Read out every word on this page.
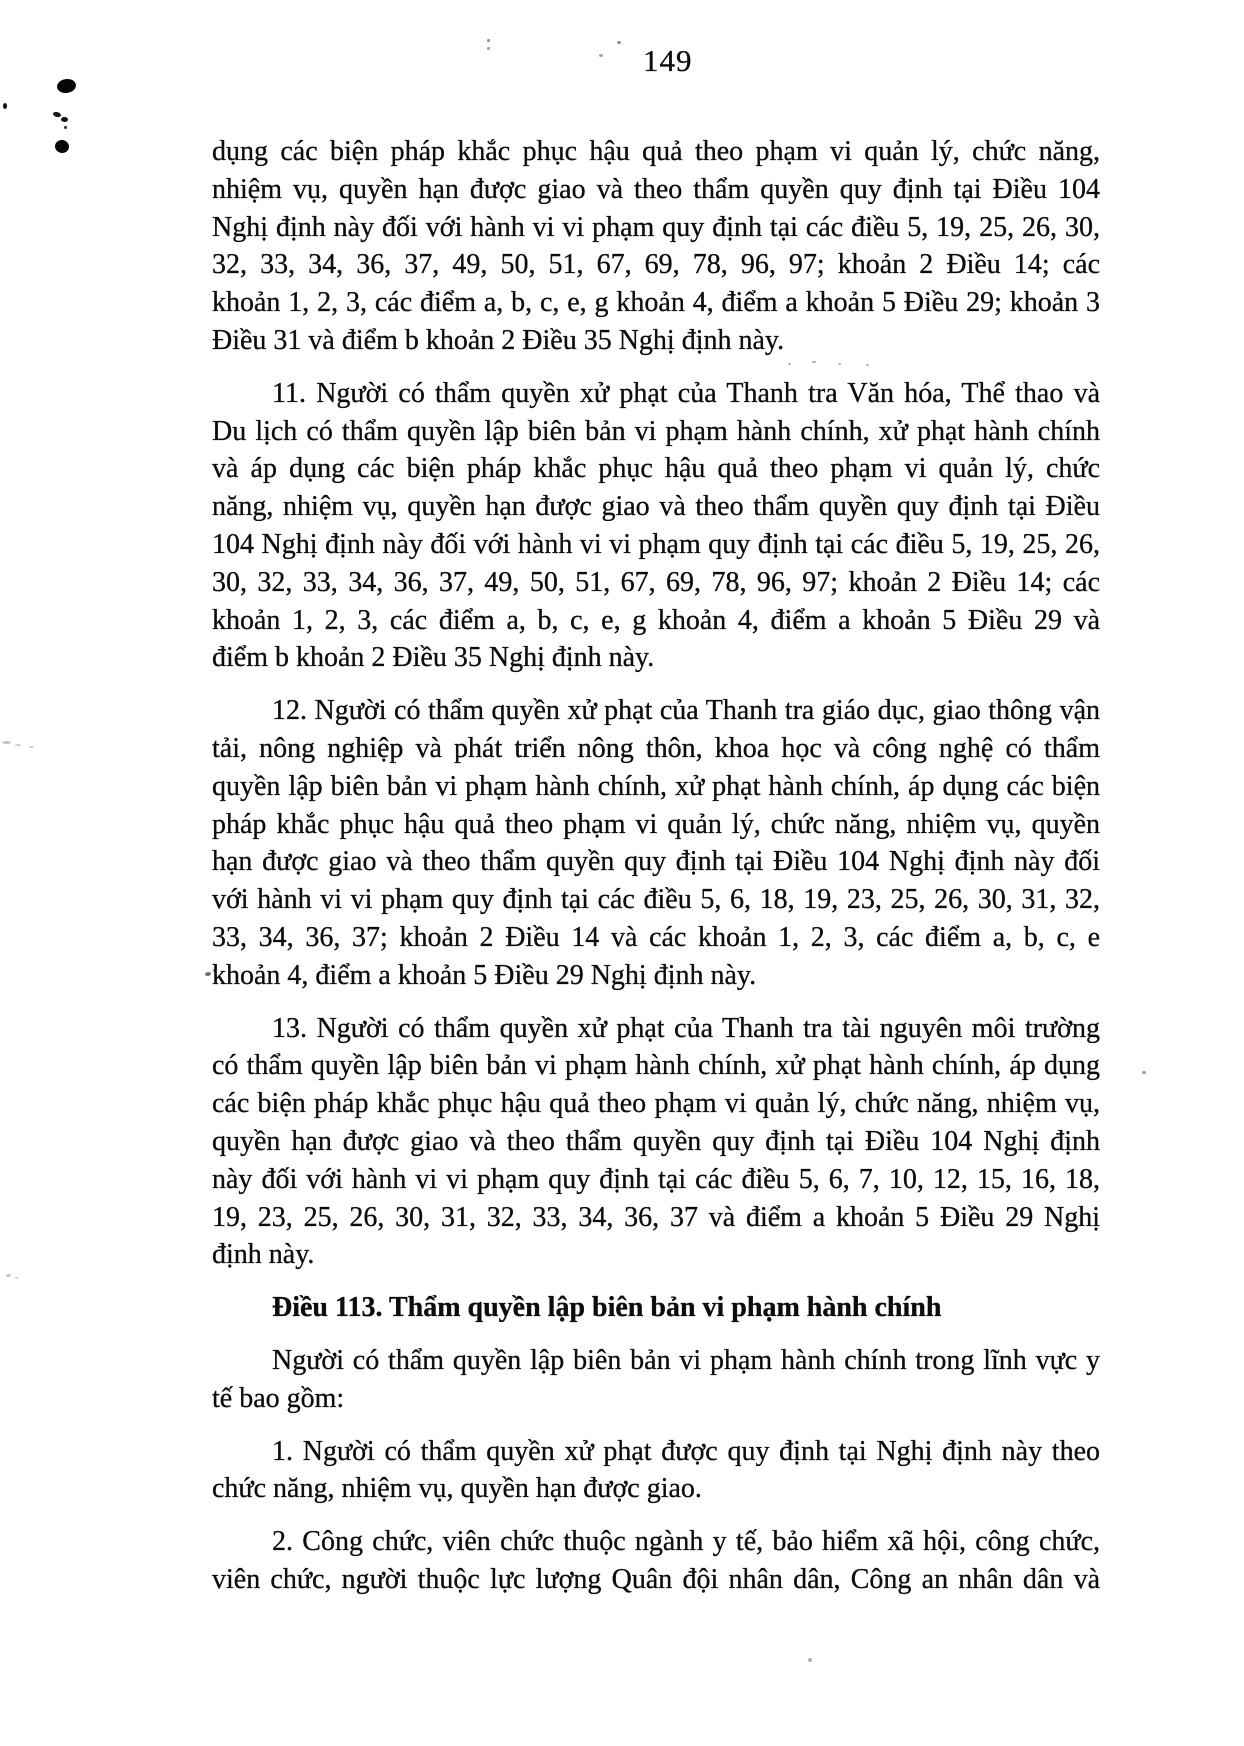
149
dụng các biện pháp khắc phục hậu quả theo phạm vi quản lý, chức năng,
nhiệm vụ, quyền hạn được giao và theo thẩm quyền quy định tại Điều 104
Nghị định này đối với hành vi vi phạm quy định tại các điều 5, 19, 25, 26, 30,
32, 33, 34, 36, 37, 49, 50, 51, 67, 69, 78, 96, 97; khoản 2 Điều 14; các
khoản 1, 2, 3, các điểm a, b, c, e, g khoản 4, điểm a khoản 5 Điều 29; khoản 3
Điều 31 và điểm b khoản 2 Điều 35 Nghị định này.
11. Người có thẩm quyền xử phạt của Thanh tra Văn hóa, Thể thao và
Du lịch có thẩm quyền lập biên bản vi phạm hành chính, xử phạt hành chính
và áp dụng các biện pháp khắc phục hậu quả theo phạm vi quản lý, chức
năng, nhiệm vụ, quyền hạn được giao và theo thẩm quyền quy định tại Điều
104 Nghị định này đối với hành vi vi phạm quy định tại các điều 5, 19, 25, 26,
30, 32, 33, 34, 36, 37, 49, 50, 51, 67, 69, 78, 96, 97; khoản 2 Điều 14; các
khoản 1, 2, 3, các điểm a, b, c, e, g khoản 4, điểm a khoản 5 Điều 29 và
điểm b khoản 2 Điều 35 Nghị định này.
12. Người có thẩm quyền xử phạt của Thanh tra giáo dục, giao thông vận
tải, nông nghiệp và phát triển nông thôn, khoa học và công nghệ có thẩm
quyền lập biên bản vi phạm hành chính, xử phạt hành chính, áp dụng các biện
pháp khắc phục hậu quả theo phạm vi quản lý, chức năng, nhiệm vụ, quyền
hạn được giao và theo thẩm quyền quy định tại Điều 104 Nghị định này đối
với hành vi vi phạm quy định tại các điều 5, 6, 18, 19, 23, 25, 26, 30, 31, 32,
33, 34, 36, 37; khoản 2 Điều 14 và các khoản 1, 2, 3, các điểm a, b, c, e
khoản 4, điểm a khoản 5 Điều 29 Nghị định này.
13. Người có thẩm quyền xử phạt của Thanh tra tài nguyên môi trường
có thẩm quyền lập biên bản vi phạm hành chính, xử phạt hành chính, áp dụng
các biện pháp khắc phục hậu quả theo phạm vi quản lý, chức năng, nhiệm vụ,
quyền hạn được giao và theo thẩm quyền quy định tại Điều 104 Nghị định
này đối với hành vi vi phạm quy định tại các điều 5, 6, 7, 10, 12, 15, 16, 18,
19, 23, 25, 26, 30, 31, 32, 33, 34, 36, 37 và điểm a khoản 5 Điều 29 Nghị
định này.
Điều 113. Thẩm quyền lập biên bản vi phạm hành chính
Người có thẩm quyền lập biên bản vi phạm hành chính trong lĩnh vực y
tế bao gồm:
1. Người có thẩm quyền xử phạt được quy định tại Nghị định này theo
chức năng, nhiệm vụ, quyền hạn được giao.
2. Công chức, viên chức thuộc ngành y tế, bảo hiểm xã hội, công chức,
viên chức, người thuộc lực lượng Quân đội nhân dân, Công an nhân dân và
